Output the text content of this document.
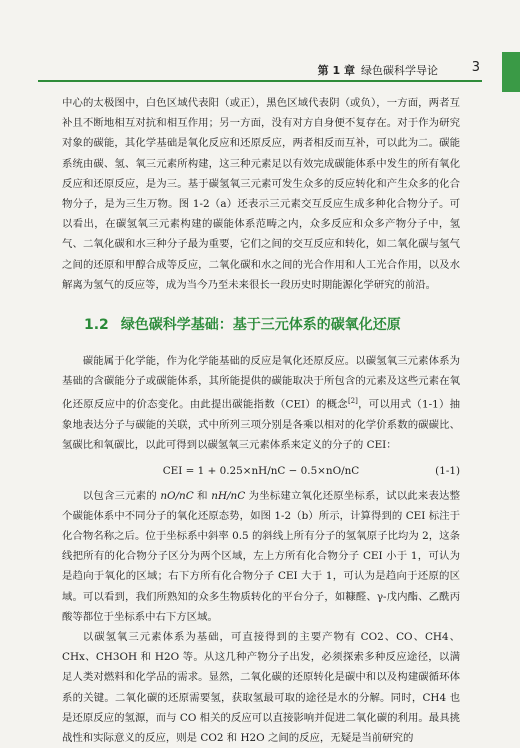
第 1 章 绿色碳科学导论	3

中心的太极图中，白色区域代表阳（或正），黑色区域代表阴（或负），一方面，两者互补且不断地相互对抗和相互作用；另一方面，没有对方自身便不复存在。对于作为研究对象的碳能，其化学基础是氧化反应和还原反应，两者相反而互补，可以此为二。碳能系统由碳、氢、氧三元素所构建，这三种元素足以有效完成碳能体系中发生的所有氧化反应和还原反应，是为三。基于碳氢氧三元素可发生众多的反应转化和产生众多的化合物分子，是为三生万物。图 1-2（a）还表示三元素交互反应生成多种化合物分子。可以看出，在碳氢氧三元素构建的碳能体系范畴之内，众多反应和众多产物分子中，氢气、二氧化碳和水三种分子最为重要，它们之间的交互反应和转化，如二氧化碳与氢气之间的还原和甲醇合成等反应，二氧化碳和水之间的光合作用和人工光合作用，以及水解离为氢气的反应等，成为当今乃至未来很长一段历史时期能源化学研究的前沿。

1.2 绿色碳科学基础：基于三元体系的碳氧化还原

碳能属于化学能，作为化学能基础的反应是氧化还原反应。以碳氢氧三元素体系为基础的含碳能分子或碳能体系，其所能提供的碳能取决于所包含的元素及这些元素在氧化还原反应中的价态变化。由此提出碳能指数（CEI）的概念[2]，可以用式（1-1）抽象地表达分子与碳能的关联，式中所列三项分别是各乘以相对的化学价系数的碳碳比、氢碳比和氧碳比，以此可得到以碳氢氧三元素体系来定义的分子的 CEI：

CEI = 1 + 0.25×nH/nC − 0.5×nO/nC	(1-1)

以包含三元素的 nO/nC 和 nH/nC 为坐标建立氧化还原坐标系，试以此来表达整个碳能体系中不同分子的氧化还原态势，如图 1-2（b）所示，计算得到的 CEI 标注于化合物名称之后。位于坐标系中斜率 0.5 的斜线上所有分子的氢氧原子比均为 2，这条线把所有的化合物分子区分为两个区域，左上方所有化合物分子 CEI 小于 1，可认为是趋向于氧化的区域；右下方所有化合物分子 CEI 大于 1，可认为是趋向于还原的区域。可以看到，我们所熟知的众多生物质转化的平台分子，如糠醛、γ-戊内酯、乙酰丙酸等都位于坐标系中右下方区域。

以碳氢氧三元素体系为基础，可直接得到的主要产物有 CO2、CO、CH4、CHx、CH3OH 和 H2O 等。从这几种产物分子出发，必须探索多种反应途径，以满足人类对燃料和化学品的需求。显然，二氧化碳的还原转化是碳中和以及构建碳循环体系的关键。二氧化碳的还原需要氢，获取氢最可取的途径是水的分解。同时，CH4 也是还原反应的氢源，而与 CO 相关的反应可以直接影响并促进二氧化碳的利用。最具挑战性和实际意义的反应，则是 CO2 和 H2O 之间的反应，无疑是当前研究的
